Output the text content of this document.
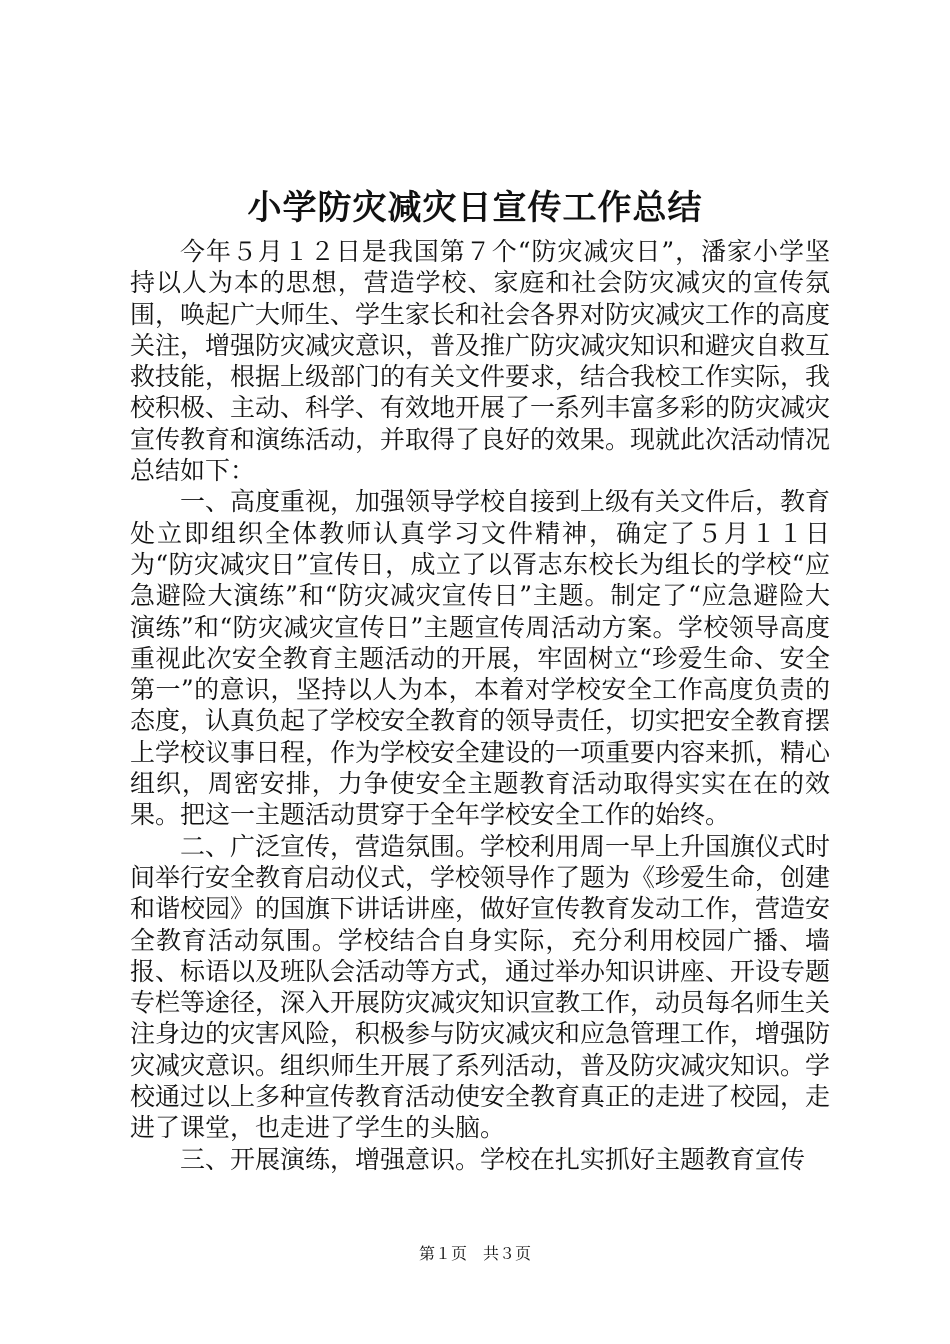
小学防灾减灾日宣传工作总结

今年５月１２日是我国第７个“防灾减灾日”，潘家小学坚持以人为本的思想，营造学校、家庭和社会防灾减灾的宣传氛围，唤起广大师生、学生家长和社会各界对防灾减灾工作的高度关注，增强防灾减灾意识，普及推广防灾减灾知识和避灾自救互救技能，根据上级部门的有关文件要求，结合我校工作实际，我校积极、主动、科学、有效地开展了一系列丰富多彩的防灾减灾宣传教育和演练活动，并取得了良好的效果。现就此次活动情况总结如下：

一、高度重视，加强领导学校自接到上级有关文件后，教育处立即组织全体教师认真学习文件精神，确定了５月１１日为“防灾减灾日”宣传日，成立了以胥志东校长为组长的学校“应急避险大演练”和“防灾减灾宣传日”主题。制定了“应急避险大演练”和“防灾减灾宣传日”主题宣传周活动方案。学校领导高度重视此次安全教育主题活动的开展，牢固树立“珍爱生命、安全第一”的意识，坚持以人为本，本着对学校安全工作高度负责的态度，认真负起了学校安全教育的领导责任，切实把安全教育摆上学校议事日程，作为学校安全建设的一项重要内容来抓，精心组织，周密安排，力争使安全主题教育活动取得实实在在的效果。把这一主题活动贯穿于全年学校安全工作的始终。

二、广泛宣传，营造氛围。学校利用周一早上升国旗仪式时间举行安全教育启动仪式，学校领导作了题为《珍爱生命，创建和谐校园》的国旗下讲话讲座，做好宣传教育发动工作，营造安全教育活动氛围。学校结合自身实际，充分利用校园广播、墙报、标语以及班队会活动等方式，通过举办知识讲座、开设专题专栏等途径，深入开展防灾减灾知识宣教工作，动员每名师生关注身边的灾害风险，积极参与防灾减灾和应急管理工作，增强防灾减灾意识。组织师生开展了系列活动，普及防灾减灾知识。学校通过以上多种宣传教育活动使安全教育真正的走进了校园，走进了课堂，也走进了学生的头脑。

三、开展演练，增强意识。学校在扎实抓好主题教育宣传

第１页　共３页
